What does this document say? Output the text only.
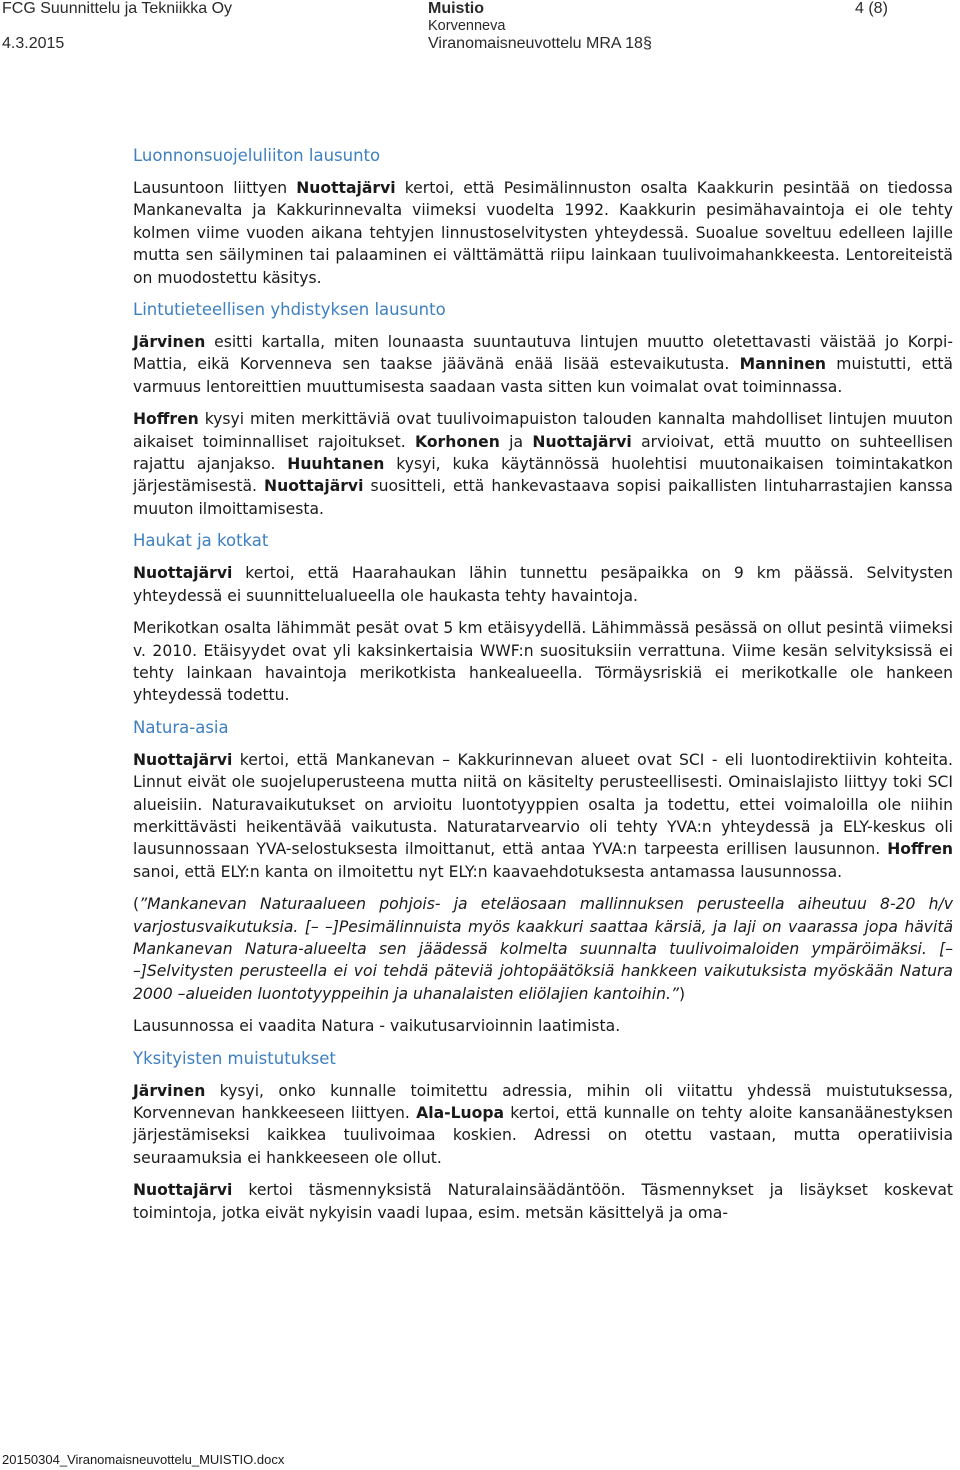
FCG Suunnittelu ja Tekniikka Oy
4.3.2015
Muistio
Korvenneva
Viranomaisneuvottelu MRA 18§
4 (8)
Luonnonsuojeluliiton lausunto
Lausuntoon liittyen Nuottajärvi kertoi, että Pesimälinnuston osalta Kaakkurin pesintää on tiedossa Mankanevalta ja Kakkurinnevalta viimeksi vuodelta 1992. Kaakkurin pesimähavaintoja ei ole tehty kolmen viime vuoden aikana tehtyjen linnustoselvitysten yhteydessä. Suoalue soveltuu edelleen lajille mutta sen säilyminen tai palaaminen ei välttämättä riipu lainkaan tuulivoimahankkeesta. Lentoreiteistä on muodostettu käsitys.
Lintutieteellisen yhdistyksen lausunto
Järvinen esitti kartalla, miten lounaasta suuntautuva lintujen muutto oletettavasti väistää jo Korpi-Mattia, eikä Korvenneva sen taakse jäävänä enää lisää estevaikutusta. Manninen muistutti, että varmuus lentoreittien muuttumisesta saadaan vasta sitten kun voimalat ovat toiminnassa.
Hoffren kysyi miten merkittäviä ovat tuulivoimapuiston talouden kannalta mahdolliset lintujen muuton aikaiset toiminnalliset rajoitukset. Korhonen ja Nuottajärvi arvioivat, että muutto on suhteellisen rajattu ajanjakso. Huuhtanen kysyi, kuka käytännössä huolehtisi muutonaikaisen toimintakatkon järjestämisestä. Nuottajärvi suositteli, että hankevastaava sopisi paikallisten lintuharrastajien kanssa muuton ilmoittamisesta.
Haukat ja kotkat
Nuottajärvi kertoi, että Haarahaukan lähin tunnettu pesäpaikka on 9 km päässä. Selvitysten yhteydessä ei suunnittelualueella ole haukasta tehty havaintoja.
Merikotkan osalta lähimmät pesät ovat 5 km etäisyydellä. Lähimmässä pesässä on ollut pesintä viimeksi v. 2010. Etäisyydet ovat yli kaksinkertaisia WWF:n suosituksiin verrattuna. Viime kesän selvityksissä ei tehty lainkaan havaintoja merikotkista hankealueella. Törmäysriskiä ei merikotkalle ole hankeen yhteydessä todettu.
Natura-asia
Nuottajärvi kertoi, että Mankanevan – Kakkurinnevan alueet ovat SCI - eli luontodirektiivin kohteita. Linnut eivät ole suojeluperusteena mutta niitä on käsitelty perusteellisesti. Ominaislajisto liittyy toki SCI alueisiin. Naturavaikutukset on arvioitu luontotyyppien osalta ja todettu, ettei voimaloilla ole niihin merkittävästi heikentävää vaikutusta. Naturatarvearvio oli tehty YVA:n yhteydessä ja ELY-keskus oli lausunnossaan YVA-selostuksesta ilmoittanut, että antaa YVA:n tarpeesta erillisen lausunnon. Hoffren sanoi, että ELY:n kanta on ilmoitettu nyt ELY:n kaavaehdotuksesta antamassa lausunnossa.
(”Mankanevan Naturaalueen pohjois- ja eteläosaan mallinnuksen perusteella aiheutuu 8-20 h/v varjostusvaikutuksia. [– –]Pesimälinnuista myös kaakkuri saattaa kärsiä, ja laji on vaarassa jopa hävitä Mankanevan Natura-alueelta sen jäädessä kolmelta suunnalta tuulivoimaloiden ympäröimäksi. [– –]Selvitysten perusteella ei voi tehdä päteviä johtopäätöksiä hankkeen vaikutuksista myöskään Natura 2000 –alueiden luontotyyppeihin ja uhanalaisten eliölajien kantoihin.”)
Lausunnossa ei vaadita Natura - vaikutusarvioinnin laatimista.
Yksityisten muistutukset
Järvinen kysyi, onko kunnalle toimitettu adressia, mihin oli viitattu yhdessä muistutuksessa, Korvennevan hankkeeseen liittyen. Ala-Luopa kertoi, että kunnalle on tehty aloite kansanäänestyksen järjestämiseksi kaikkea tuulivoimaa koskien. Adressi on otettu vastaan, mutta operatiivisia seuraamuksia ei hankkeeseen ole ollut.
Nuottajärvi kertoi täsmennyksistä Naturalainsäädäntöön. Täsmennykset ja lisäykset koskevat toimintoja, jotka eivät nykyisin vaadi lupaa, esim. metsän käsittelyä ja oma-
20150304_Viranomaisneuvottelu_MUISTIO.docx
